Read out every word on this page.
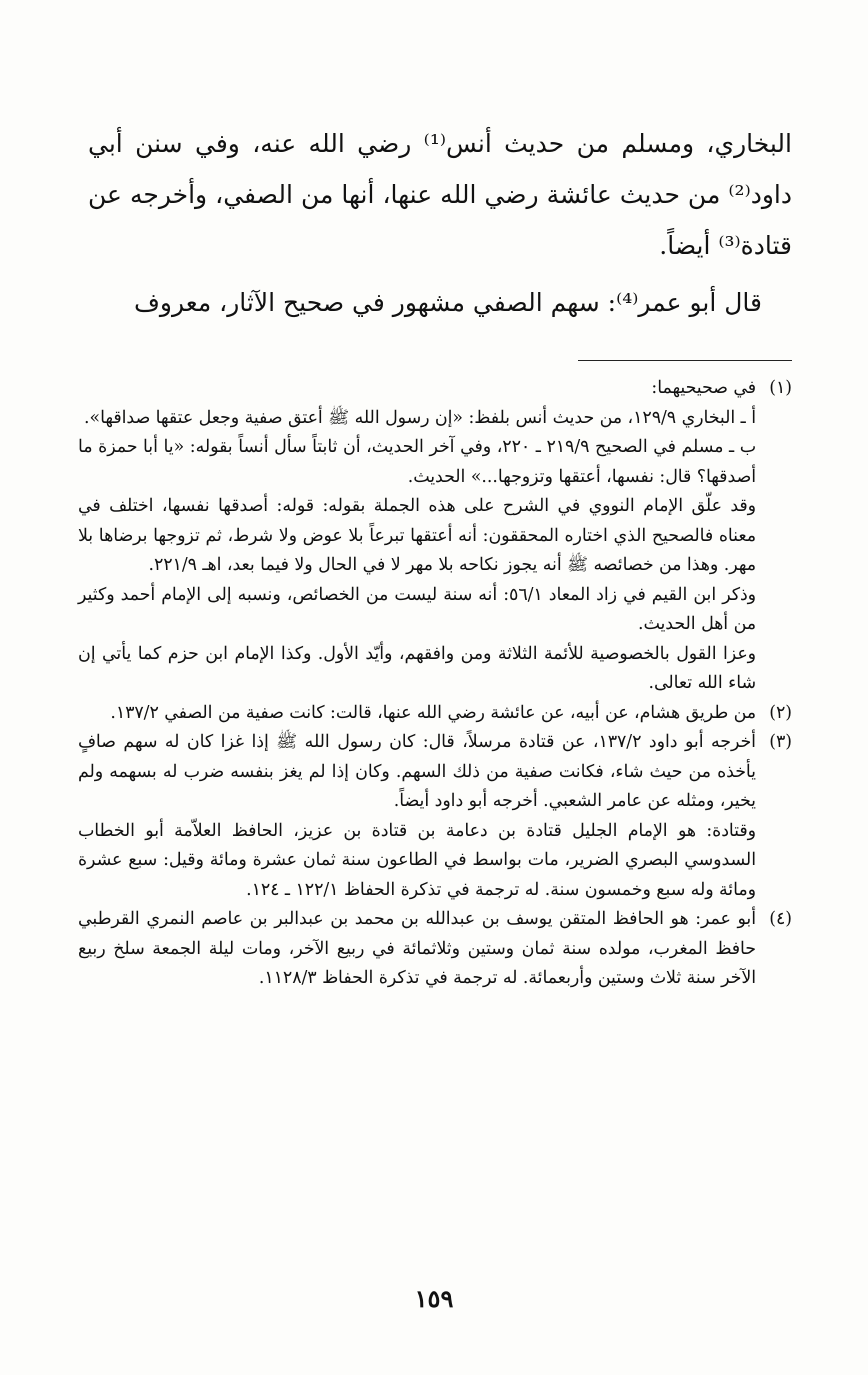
البخاري، ومسلم من حديث أنس⁽¹⁾ رضي الله عنه، وفي سنن أبي داود⁽²⁾ من حديث عائشة رضي الله عنها، أنها من الصفي، وأخرجه عن قتادة⁽³⁾ أيضاً.

قال أبو عمر⁽⁴⁾: سهم الصفي مشهور في صحيح الآثار، معروف

(١)

في صحيحيهما:

أ ـ البخاري ١٢٩/٩، من حديث أنس بلفظ: «إن رسول الله ﷺ أعتق صفية وجعل عتقها صداقها».

ب ـ مسلم في الصحيح ٢١٩/٩ ـ ٢٢٠، وفي آخر الحديث، أن ثابتاً سأل أنساً بقوله: «يا أبا حمزة ما أصدقها؟ قال: نفسها، أعتقها وتزوجها...» الحديث.

وقد علّق الإمام النووي في الشرح على هذه الجملة بقوله: قوله: أصدقها نفسها، اختلف في معناه فالصحيح الذي اختاره المحققون: أنه أعتقها تبرعاً بلا عوض ولا شرط، ثم تزوجها برضاها بلا مهر. وهذا من خصائصه ﷺ أنه يجوز نكاحه بلا مهر لا في الحال ولا فيما بعد، اهـ ٢٢١/٩.

وذكر ابن القيم في زاد المعاد ٥٦/١: أنه سنة ليست من الخصائص، ونسبه إلى الإمام أحمد وكثير من أهل الحديث.

وعزا القول بالخصوصية للأئمة الثلاثة ومن وافقهم، وأيّد الأول. وكذا الإمام ابن حزم كما يأتي إن شاء الله تعالى.

(٢)

من طريق هشام، عن أبيه، عن عائشة رضي الله عنها، قالت: كانت صفية من الصفي ١٣٧/٢.

(٣)

أخرجه أبو داود ١٣٧/٢، عن قتادة مرسلاً، قال: كان رسول الله ﷺ إذا غزا كان له سهم صافٍ يأخذه من حيث شاء، فكانت صفية من ذلك السهم. وكان إذا لم يغز بنفسه ضرب له بسهمه ولم يخير، ومثله عن عامر الشعبي. أخرجه أبو داود أيضاً.

وقتادة: هو الإمام الجليل قتادة بن دعامة بن قتادة بن عزيز، الحافظ العلاّمة أبو الخطاب السدوسي البصري الضرير، مات بواسط في الطاعون سنة ثمان عشرة ومائة وقيل: سبع عشرة ومائة وله سبع وخمسون سنة. له ترجمة في تذكرة الحفاظ ١٢٢/١ ـ ١٢٤.

(٤)

أبو عمر: هو الحافظ المتقن يوسف بن عبدالله بن محمد بن عبدالبر بن عاصم النمري القرطبي حافظ المغرب، مولده سنة ثمان وستين وثلاثمائة في ربيع الآخر، ومات ليلة الجمعة سلخ ربيع الآخر سنة ثلاث وستين وأربعمائة. له ترجمة في تذكرة الحفاظ ١١٢٨/٣.

١٥٩
